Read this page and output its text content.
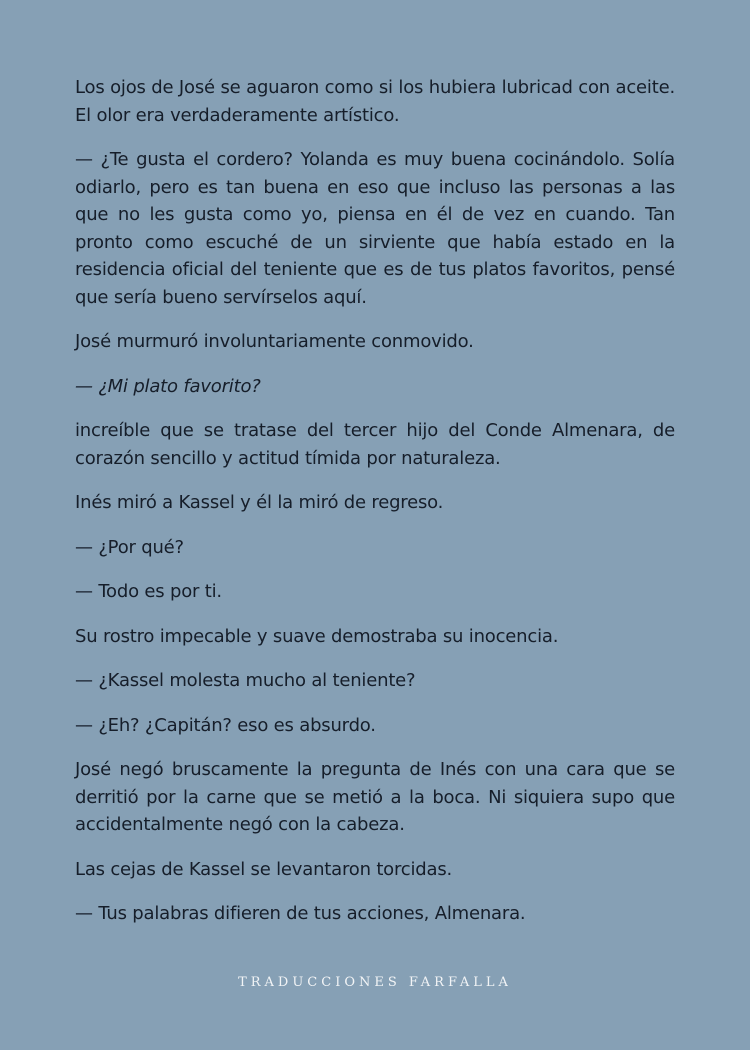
Los ojos de José se aguaron como si los hubiera lubricad con aceite. El olor era verdaderamente artístico.

— ¿Te gusta el cordero? Yolanda es muy buena cocinándolo. Solía odiarlo, pero es tan buena en eso que incluso las personas a las que no les gusta como yo, piensa en él de vez en cuando. Tan pronto como escuché de un sirviente que había estado en la residencia oficial del teniente que es de tus platos favoritos, pensé que sería bueno servírselos aquí.

José murmuró involuntariamente conmovido.

— ¿Mi plato favorito?

increíble que se tratase del tercer hijo del Conde Almenara, de corazón sencillo y actitud tímida por naturaleza.

Inés miró a Kassel y él la miró de regreso.

— ¿Por qué?

— Todo es por ti.

Su rostro impecable y suave demostraba su inocencia.

— ¿Kassel molesta mucho al teniente?

— ¿Eh? ¿Capitán? eso es absurdo.

José negó bruscamente la pregunta de Inés con una cara que se derritió por la carne que se metió a la boca. Ni siquiera supo que accidentalmente negó con la cabeza.

Las cejas de Kassel se levantaron torcidas.

— Tus palabras difieren de tus acciones, Almenara.

TRADUCCIONES FARFALLA
